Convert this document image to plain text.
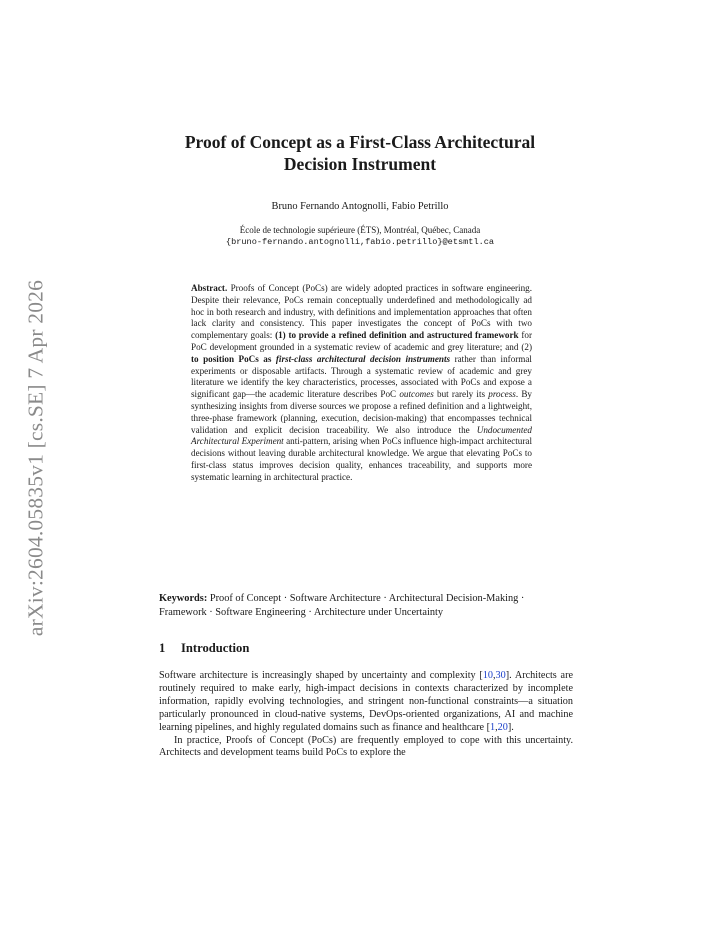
arXiv:2604.05835v1 [cs.SE] 7 Apr 2026
Proof of Concept as a First-Class Architectural
Decision Instrument
Bruno Fernando Antognolli, Fabio Petrillo
École de technologie supérieure (ÉTS), Montréal, Québec, Canada
{bruno-fernando.antognolli,fabio.petrillo}@etsmtl.ca
Abstract. Proofs of Concept (PoCs) are widely adopted practices in software engineering. Despite their relevance, PoCs remain conceptually underdefined and methodologically ad hoc in both research and industry, with definitions and implementation approaches that often lack clarity and consistency. This paper investigates the concept of PoCs with two complementary goals: (1) to provide a refined definition and astructured framework for PoC development grounded in a systematic review of academic and grey literature; and (2) to position PoCs as first-class architectural decision instruments rather than informal experiments or disposable artifacts. Through a systematic review of academic and grey literature we identify the key characteristics, processes, associated with PoCs and expose a significant gap—the academic literature describes PoC outcomes but rarely its process. By synthesizing insights from diverse sources we propose a refined definition and a lightweight, three-phase framework (planning, execution, decision-making) that encompasses technical validation and explicit decision traceability. We also introduce the Undocumented Architectural Experiment anti-pattern, arising when PoCs influence high-impact architectural decisions without leaving durable architectural knowledge. We argue that elevating PoCs to first-class status improves decision quality, enhances traceability, and supports more systematic learning in architectural practice.
Keywords: Proof of Concept · Software Architecture · Architectural Decision-Making · Framework · Software Engineering · Architecture under Uncertainty
1 Introduction

Software architecture is increasingly shaped by uncertainty and complexity [10,30]. Architects are routinely required to make early, high-impact decisions in contexts characterized by incomplete information, rapidly evolving technologies, and stringent non-functional constraints—a situation particularly pronounced in cloud-native systems, DevOps-oriented organizations, AI and machine learning pipelines, and highly regulated domains such as finance and healthcare [1,20].

In practice, Proofs of Concept (PoCs) are frequently employed to cope with this uncertainty. Architects and development teams build PoCs to explore the
